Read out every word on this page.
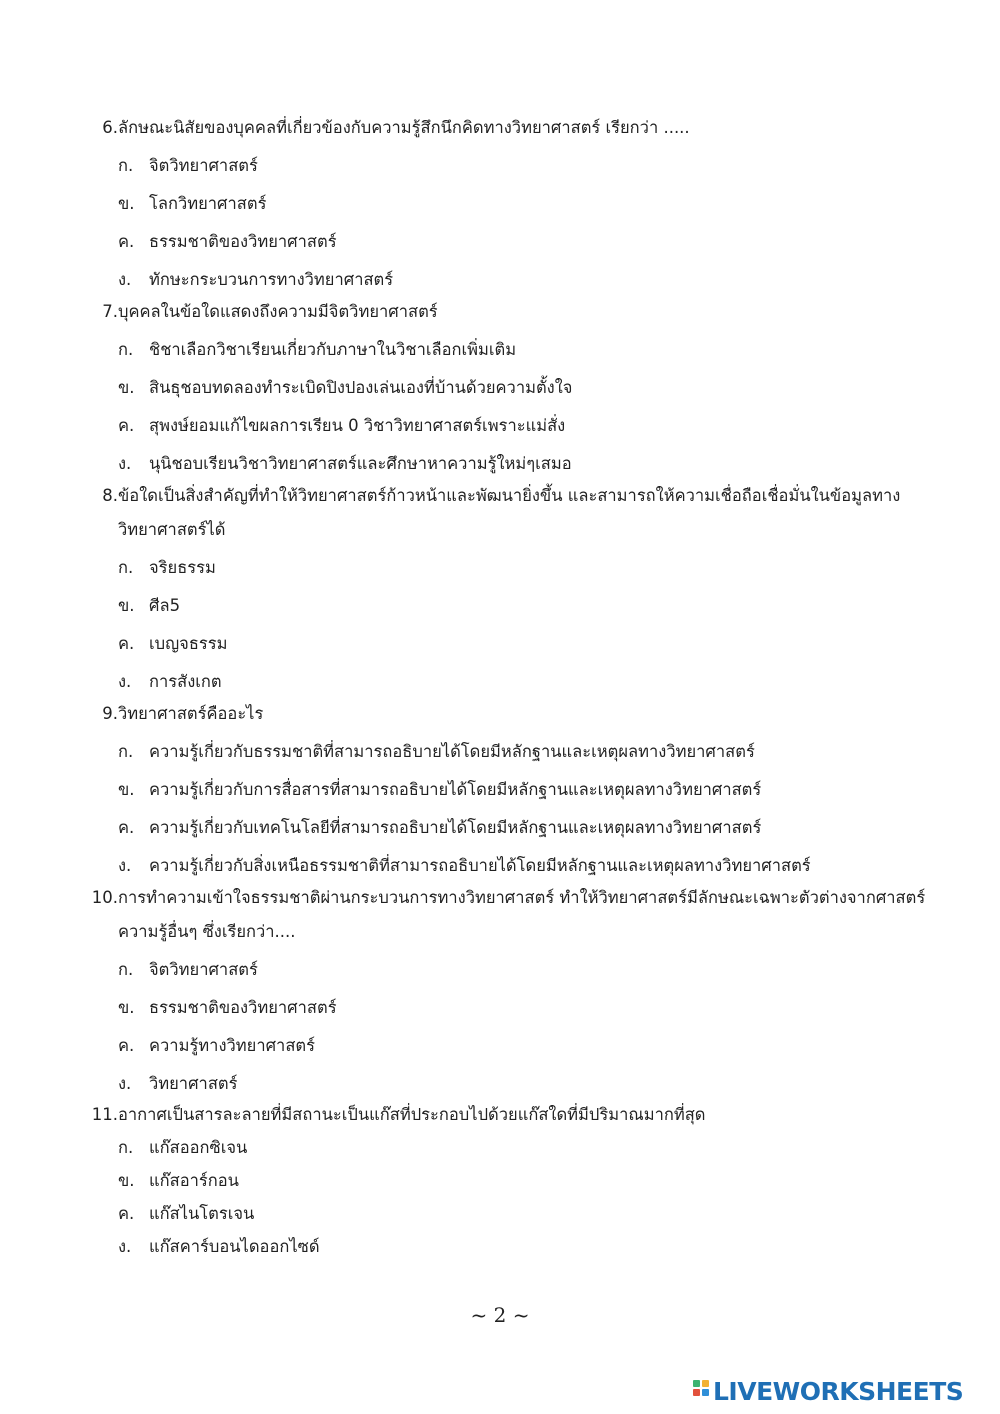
6. ลักษณะนิสัยของบุคคลที่เกี่ยวข้องกับความรู้สึกนึกคิดทางวิทยาศาสตร์ เรียกว่า .....
ก. จิตวิทยาศาสตร์
ข. โลกวิทยาศาสตร์
ค. ธรรมชาติของวิทยาศาสตร์
ง.	ทักษะกระบวนการทางวิทยาศาสตร์
7. บุคคลในข้อใดแสดงถึงความมีจิตวิทยาศาสตร์
ก. ชิชาเลือกวิชาเรียนเกี่ยวกับภาษาในวิชาเลือกเพิ่มเติม
ข. สินธุชอบทดลองทำระเบิดปิงปองเล่นเองที่บ้านด้วยความตั้งใจ
ค. สุพงษ์ยอมแก้ไขผลการเรียน 0 วิชาวิทยาศาสตร์เพราะแม่สั่ง
ง.	นุนิชอบเรียนวิชาวิทยาศาสตร์และศึกษาหาความรู้ใหม่ๆเสมอ
8. ข้อใดเป็นสิ่งสำคัญที่ทำให้วิทยาศาสตร์ก้าวหน้าและพัฒนายิ่งขึ้น และสามารถให้ความเชื่อถือเชื่อมั่นในข้อมูลทาง
วิทยาศาสตร์ได้
ก. จริยธรรม
ข. ศีล5
ค. เบญจธรรม
ง.	การสังเกต
9. วิทยาศาสตร์คืออะไร
ก. ความรู้เกี่ยวกับธรรมชาติที่สามารถอธิบายได้โดยมีหลักฐานและเหตุผลทางวิทยาศาสตร์
ข. ความรู้เกี่ยวกับการสื่อสารที่สามารถอธิบายได้โดยมีหลักฐานและเหตุผลทางวิทยาศาสตร์
ค. ความรู้เกี่ยวกับเทคโนโลยีที่สามารถอธิบายได้โดยมีหลักฐานและเหตุผลทางวิทยาศาสตร์
ง.	ความรู้เกี่ยวกับสิ่งเหนือธรรมชาติที่สามารถอธิบายได้โดยมีหลักฐานและเหตุผลทางวิทยาศาสตร์
10. การทำความเข้าใจธรรมชาติผ่านกระบวนการทางวิทยาศาสตร์ ทำให้วิทยาศาสตร์มีลักษณะเฉพาะตัวต่างจากศาสตร์
ความรู้อื่นๆ ซึ่งเรียกว่า....
ก. จิตวิทยาศาสตร์
ข. ธรรมชาติของวิทยาศาสตร์
ค. ความรู้ทางวิทยาศาสตร์
ง.	วิทยาศาสตร์
11. อากาศเป็นสารละลายที่มีสถานะเป็นแก๊สที่ประกอบไปด้วยแก๊สใดที่มีปริมาณมากที่สุด
ก. แก๊สออกซิเจน
ข. แก๊สอาร์กอน
ค. แก๊สไนโตรเจน
ง.	แก๊สคาร์บอนไดออกไซด์
~ 2 ~
LIVEWORKSHEETS
